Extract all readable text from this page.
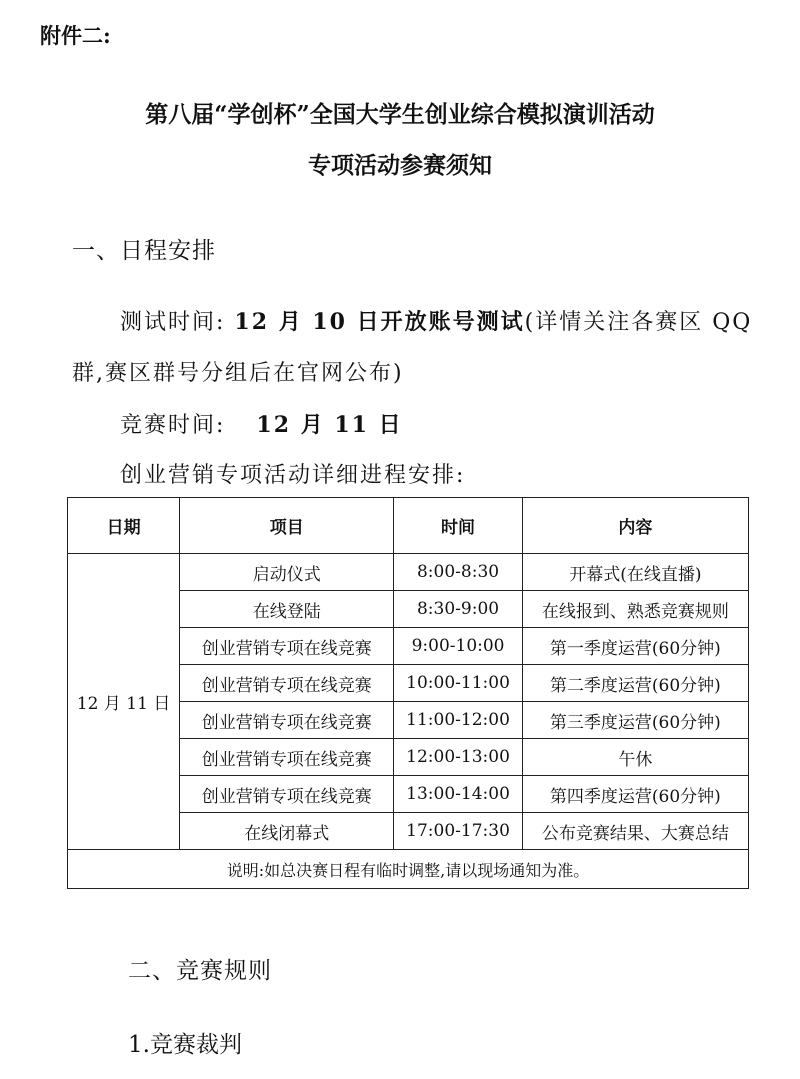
附件二:
第八届“学创杯”全国大学生创业综合模拟演训活动
专项活动参赛须知
一、日程安排
测试时间: 12 月 10 日开放账号测试(详情关注各赛区 QQ
群,赛区群号分组后在官网公布)
竞赛时间: 12 月 11 日
创业营销专项活动详细进程安排:
日期	项目	时间	内容
12 月 11 日	启动仪式	8:00-8:30	开幕式(在线直播)
	在线登陆	8:30-9:00	在线报到、熟悉竞赛规则
	创业营销专项在线竞赛	9:00-10:00	第一季度运营(60分钟)
	创业营销专项在线竞赛	10:00-11:00	第二季度运营(60分钟)
	创业营销专项在线竞赛	11:00-12:00	第三季度运营(60分钟)
	创业营销专项在线竞赛	12:00-13:00	午休
	创业营销专项在线竞赛	13:00-14:00	第四季度运营(60分钟)
	在线闭幕式	17:00-17:30	公布竞赛结果、大赛总结
说明:如总决赛日程有临时调整,请以现场通知为准。			
二、竞赛规则
1.竞赛裁判
